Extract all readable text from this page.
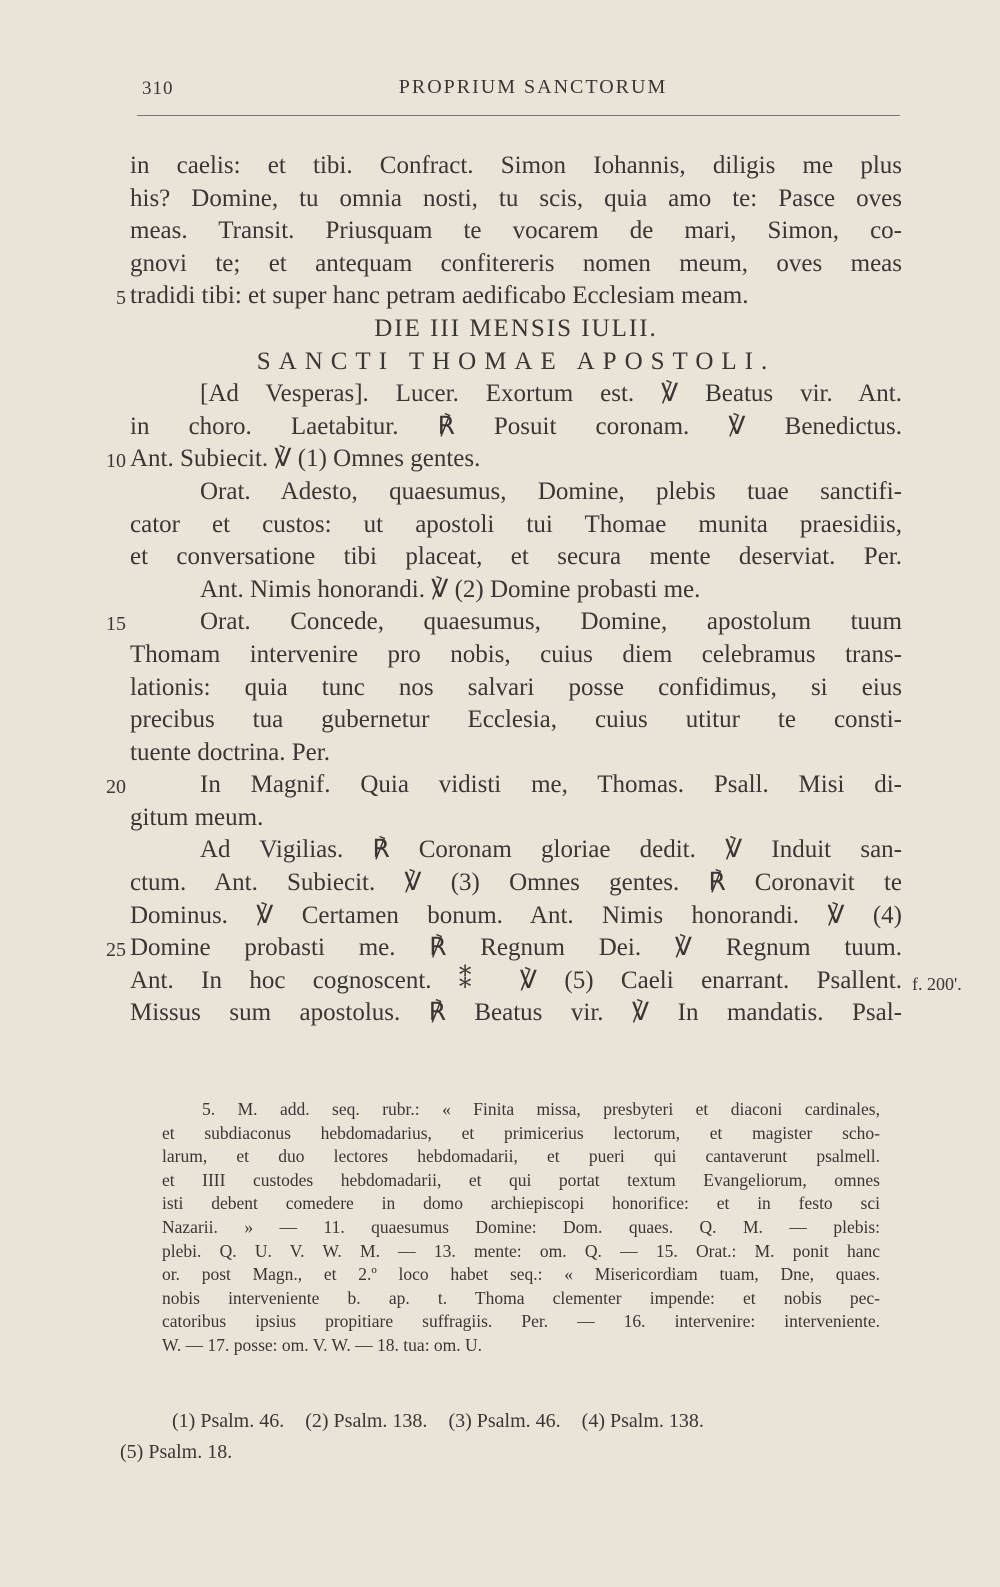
310	PROPRIUM SANCTORUM
in caelis: et tibi. Confract. Simon Iohannis, diligis me plus
his? Domine, tu omnia nosti, tu scis, quia amo te: Pasce oves
meas. Transit. Priusquam te vocarem de mari, Simon, co-
gnovi te; et antequam confitereris nomen meum, oves meas
5 tradidi tibi: et super hanc petram aedificabo Ecclesiam meam.
DIE III MENSIS IULII.
SANCTI THOMAE APOSTOLI.
[Ad Vesperas]. Lucer. Exortum est. ℣ Beatus vir. Ant.
in choro. Laetabitur. ℟ Posuit coronam. ℣ Benedictus.
10 Ant. Subiecit. ℣ (1) Omnes gentes.
Orat. Adesto, quaesumus, Domine, plebis tuae sanctifi-
cator et custos: ut apostoli tui Thomae munita praesidiis,
et conversatione tibi placeat, et secura mente deserviat. Per.
Ant. Nimis honorandi. ℣ (2) Domine probasti me.
15	Orat. Concede, quaesumus, Domine, apostolum tuum
Thomam intervenire pro nobis, cuius diem celebramus trans-
lationis: quia tunc nos salvari posse confidimus, si eius
precibus tua gubernetur Ecclesia, cuius utitur te consti-
tuente doctrina. Per.
20	In Magnif. Quia vidisti me, Thomas. Psall. Misi di-
gitum meum.
Ad Vigilias. ℟ Coronam gloriae dedit. ℣ Induit san-
ctum. Ant. Subiecit. ℣ (3) Omnes gentes. ℟ Coronavit te
Dominus. ℣ Certamen bonum. Ant. Nimis honorandi. ℣ (4)
25 Domine probasti me. ℟ Regnum Dei. ℣ Regnum tuum.
Ant. In hoc cognoscent. ⁑ ℣ (5) Caeli enarrant. Psallent. f. 200'.
Missus sum apostolus. ℟ Beatus vir. ℣ In mandatis. Psal-
5. M. add. seq. rubr.: « Finita missa, presbyteri et diaconi cardinales,
et subdiaconus hebdomadarius, et primicerius lectorum, et magister scho-
larum, et duo lectores hebdomadarii, et pueri qui cantaverunt psalmell.
et IIII custodes hebdomadarii, et qui portat textum Evangeliorum, omnes
isti debent comedere in domo archiepiscopi honorifice: et in festo sci
Nazarii. » — 11. quaesumus Domine: Dom. quaes. Q. M. — plebis:
plebi. Q. U. V. W. M. — 13. mente: om. Q. — 15. Orat.: M. ponit hanc
or. post Magn., et 2.º loco habet seq.: « Misericordiam tuam, Dne, quaes.
nobis interveniente b. ap. t. Thoma clementer impende: et nobis pec-
catoribus ipsius propitiare suffragiis. Per. — 16. intervenire: interveniente.
W. — 17. posse: om. V. W. — 18. tua: om. U.
(1) Psalm. 46. (2) Psalm. 138. (3) Psalm. 46. (4) Psalm. 138.
(5) Psalm. 18.
